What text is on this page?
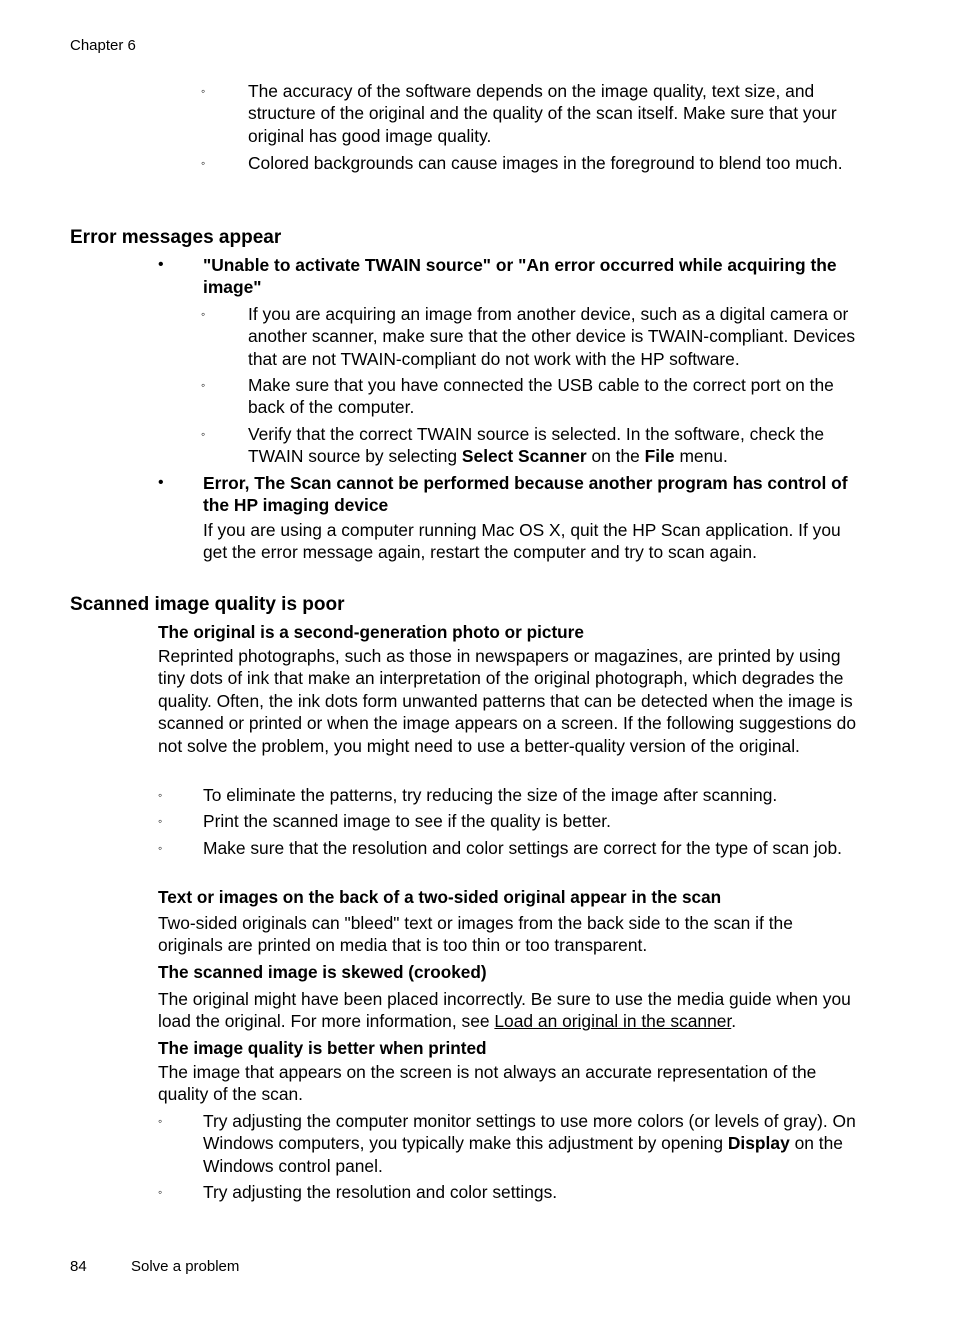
Chapter 6
◦ The accuracy of the software depends on the image quality, text size, and structure of the original and the quality of the scan itself. Make sure that your original has good image quality.
◦ Colored backgrounds can cause images in the foreground to blend too much.
Error messages appear
• "Unable to activate TWAIN source" or "An error occurred while acquiring the image"
◦ If you are acquiring an image from another device, such as a digital camera or another scanner, make sure that the other device is TWAIN-compliant. Devices that are not TWAIN-compliant do not work with the HP software.
◦ Make sure that you have connected the USB cable to the correct port on the back of the computer.
◦ Verify that the correct TWAIN source is selected. In the software, check the TWAIN source by selecting Select Scanner on the File menu.
• Error, The Scan cannot be performed because another program has control of the HP imaging device
If you are using a computer running Mac OS X, quit the HP Scan application. If you get the error message again, restart the computer and try to scan again.
Scanned image quality is poor
The original is a second-generation photo or picture
Reprinted photographs, such as those in newspapers or magazines, are printed by using tiny dots of ink that make an interpretation of the original photograph, which degrades the quality. Often, the ink dots form unwanted patterns that can be detected when the image is scanned or printed or when the image appears on a screen. If the following suggestions do not solve the problem, you might need to use a better-quality version of the original.
◦ To eliminate the patterns, try reducing the size of the image after scanning.
◦ Print the scanned image to see if the quality is better.
◦ Make sure that the resolution and color settings are correct for the type of scan job.
Text or images on the back of a two-sided original appear in the scan
Two-sided originals can "bleed" text or images from the back side to the scan if the originals are printed on media that is too thin or too transparent.
The scanned image is skewed (crooked)
The original might have been placed incorrectly. Be sure to use the media guide when you load the original. For more information, see Load an original in the scanner.
The image quality is better when printed
The image that appears on the screen is not always an accurate representation of the quality of the scan.
◦ Try adjusting the computer monitor settings to use more colors (or levels of gray). On Windows computers, you typically make this adjustment by opening Display on the Windows control panel.
◦ Try adjusting the resolution and color settings.
84	Solve a problem
